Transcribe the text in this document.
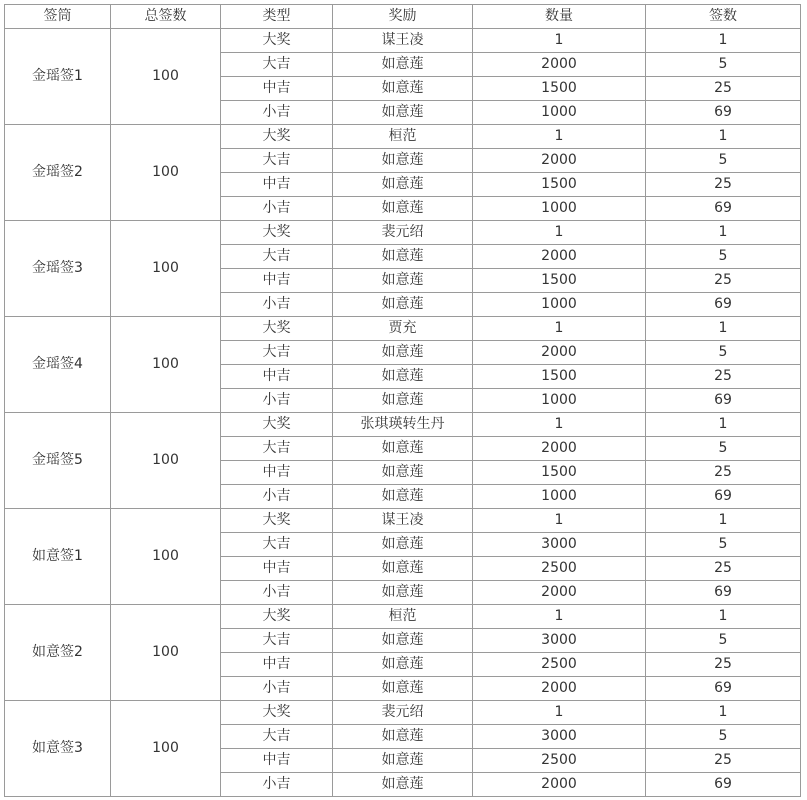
签筒	总签数	类型	奖励	数量	签数
金瑶签1	100	大奖	谋王凌	1	1
		大吉	如意莲	2000	5
		中吉	如意莲	1500	25
		小吉	如意莲	1000	69
金瑶签2	100	大奖	桓范	1	1
		大吉	如意莲	2000	5
		中吉	如意莲	1500	25
		小吉	如意莲	1000	69
金瑶签3	100	大奖	裴元绍	1	1
		大吉	如意莲	2000	5
		中吉	如意莲	1500	25
		小吉	如意莲	1000	69
金瑶签4	100	大奖	贾充	1	1
		大吉	如意莲	2000	5
		中吉	如意莲	1500	25
		小吉	如意莲	1000	69
金瑶签5	100	大奖	张琪瑛转生丹	1	1
		大吉	如意莲	2000	5
		中吉	如意莲	1500	25
		小吉	如意莲	1000	69
如意签1	100	大奖	谋王凌	1	1
		大吉	如意莲	3000	5
		中吉	如意莲	2500	25
		小吉	如意莲	2000	69
如意签2	100	大奖	桓范	1	1
		大吉	如意莲	3000	5
		中吉	如意莲	2500	25
		小吉	如意莲	2000	69
如意签3	100	大奖	裴元绍	1	1
		大吉	如意莲	3000	5
		中吉	如意莲	2500	25
		小吉	如意莲	2000	69
